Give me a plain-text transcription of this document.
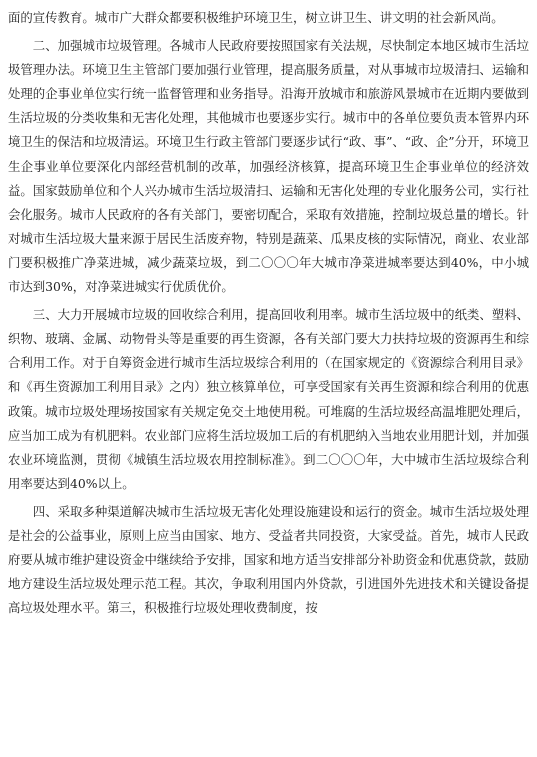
面的宣传教育。城市广大群众都要积极维护环境卫生，树立讲卫生、讲文明的社会新风尚。

二、加强城市垃圾管理。各城市人民政府要按照国家有关法规，尽快制定本地区城市生活垃圾管理办法。环境卫生主管部门要加强行业管理，提高服务质量，对从事城市垃圾清扫、运输和处理的企事业单位实行统一监督管理和业务指导。沿海开放城市和旅游风景城市在近期内要做到生活垃圾的分类收集和无害化处理，其他城市也要逐步实行。城市中的各单位要负责本管界内环境卫生的保洁和垃圾清运。环境卫生行政主管部门要逐步试行“政、事”、“政、企”分开，环境卫生企事业单位要深化内部经营机制的改革，加强经济核算，提高环境卫生企事业单位的经济效益。国家鼓励单位和个人兴办城市生活垃圾清扫、运输和无害化处理的专业化服务公司，实行社会化服务。城市人民政府的各有关部门，要密切配合，采取有效措施，控制垃圾总量的增长。针对城市生活垃圾大量来源于居民生活废弃物，特别是蔬菜、瓜果皮核的实际情况，商业、农业部门要积极推广净菜进城，减少蔬菜垃圾，到二〇〇〇年大城市净菜进城率要达到40%，中小城市达到30%，对净菜进城实行优质优价。

三、大力开展城市垃圾的回收综合利用，提高回收利用率。城市生活垃圾中的纸类、塑料、织物、玻璃、金属、动物骨头等是重要的再生资源，各有关部门要大力扶持垃圾的资源再生和综合利用工作。对于自筹资金进行城市生活垃圾综合利用的（在国家规定的《资源综合利用目录》和《再生资源加工利用目录》之内）独立核算单位，可享受国家有关再生资源和综合利用的优惠政策。城市垃圾处理场按国家有关规定免交土地使用税。可堆腐的生活垃圾经高温堆肥处理后，应当加工成为有机肥料。农业部门应将生活垃圾加工后的有机肥纳入当地农业用肥计划，并加强农业环境监测，贯彻《城镇生活垃圾农用控制标准》。到二〇〇〇年，大中城市生活垃圾综合利用率要达到40%以上。

四、采取多种渠道解决城市生活垃圾无害化处理设施建设和运行的资金。城市生活垃圾处理是社会的公益事业，原则上应当由国家、地方、受益者共同投资，大家受益。首先，城市人民政府要从城市维护建设资金中继续给予安排，国家和地方适当安排部分补助资金和优惠贷款，鼓励地方建设生活垃圾处理示范工程。其次，争取利用国内外贷款，引进国外先进技术和关键设备提高垃圾处理水平。第三，积极推行垃圾处理收费制度，按
